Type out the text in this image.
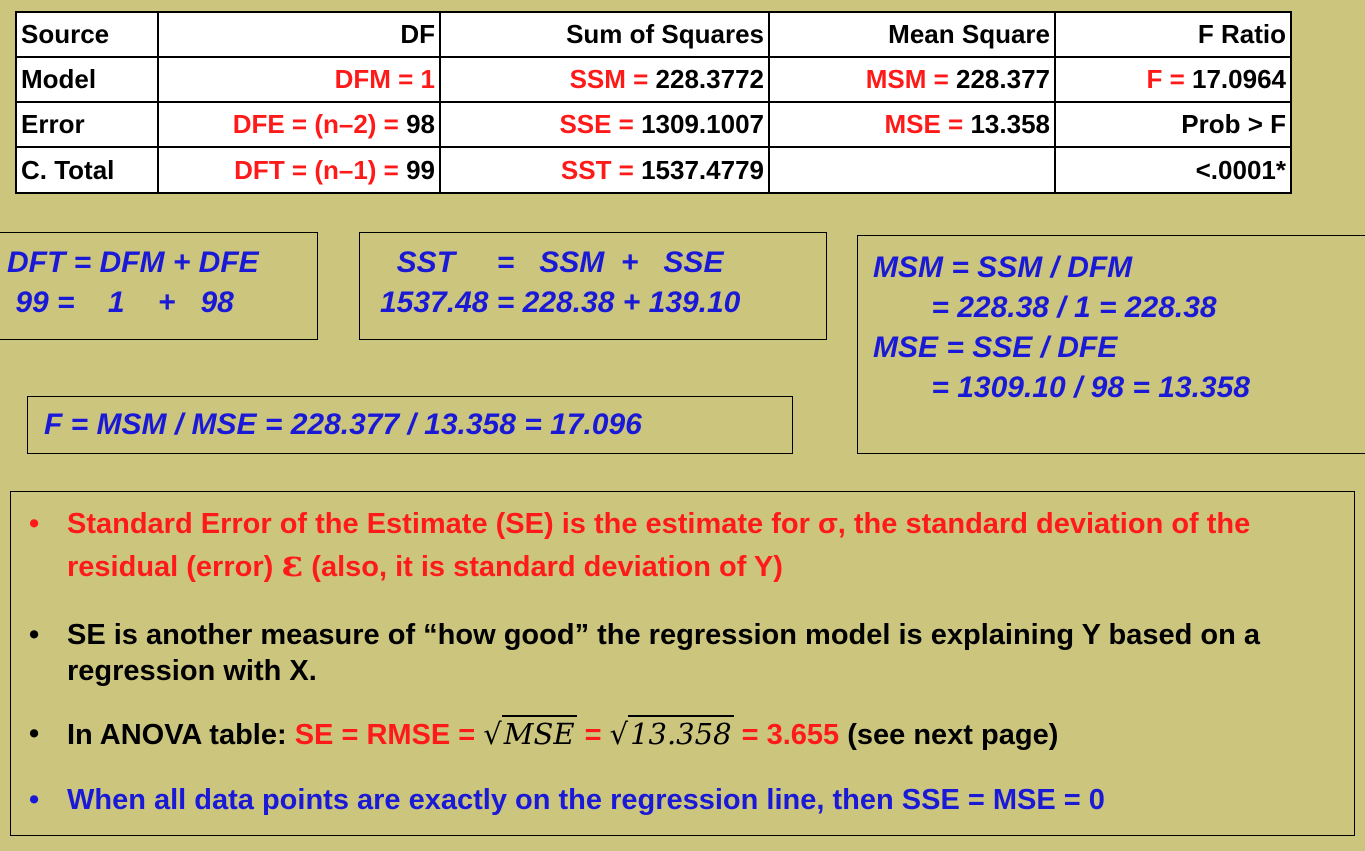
Source	DF	Sum of Squares	Mean Square	F Ratio
Model	DFM = 1	SSM = 228.3772	MSM = 228.377	F = 17.0964
Error	DFE = (n–2) = 98	SSE = 1309.1007	MSE = 13.358	Prob > F
C. Total	DFT = (n–1) = 99	SST = 1537.4779		<.0001*
DFT = DFM + DFE
99 =    1    +   98
SST     =   SSM  +   SSE
1537.48 = 228.38 + 139.10
MSM = SSM / DFM
= 228.38 / 1 = 228.38
MSE = SSE / DFE
= 1309.10 / 98 = 13.358
F = MSM / MSE = 228.377 / 13.358 = 17.096
• Standard Error of the Estimate (SE) is the estimate for σ, the standard deviation of the residual (error) ε (also, it is standard deviation of Y)
• SE is another measure of “how good” the regression model is explaining Y based on a regression with X.
• In ANOVA table: SE = RMSE = √MSE = √13.358 = 3.655 (see next page)
• When all data points are exactly on the regression line, then SSE = MSE = 0
